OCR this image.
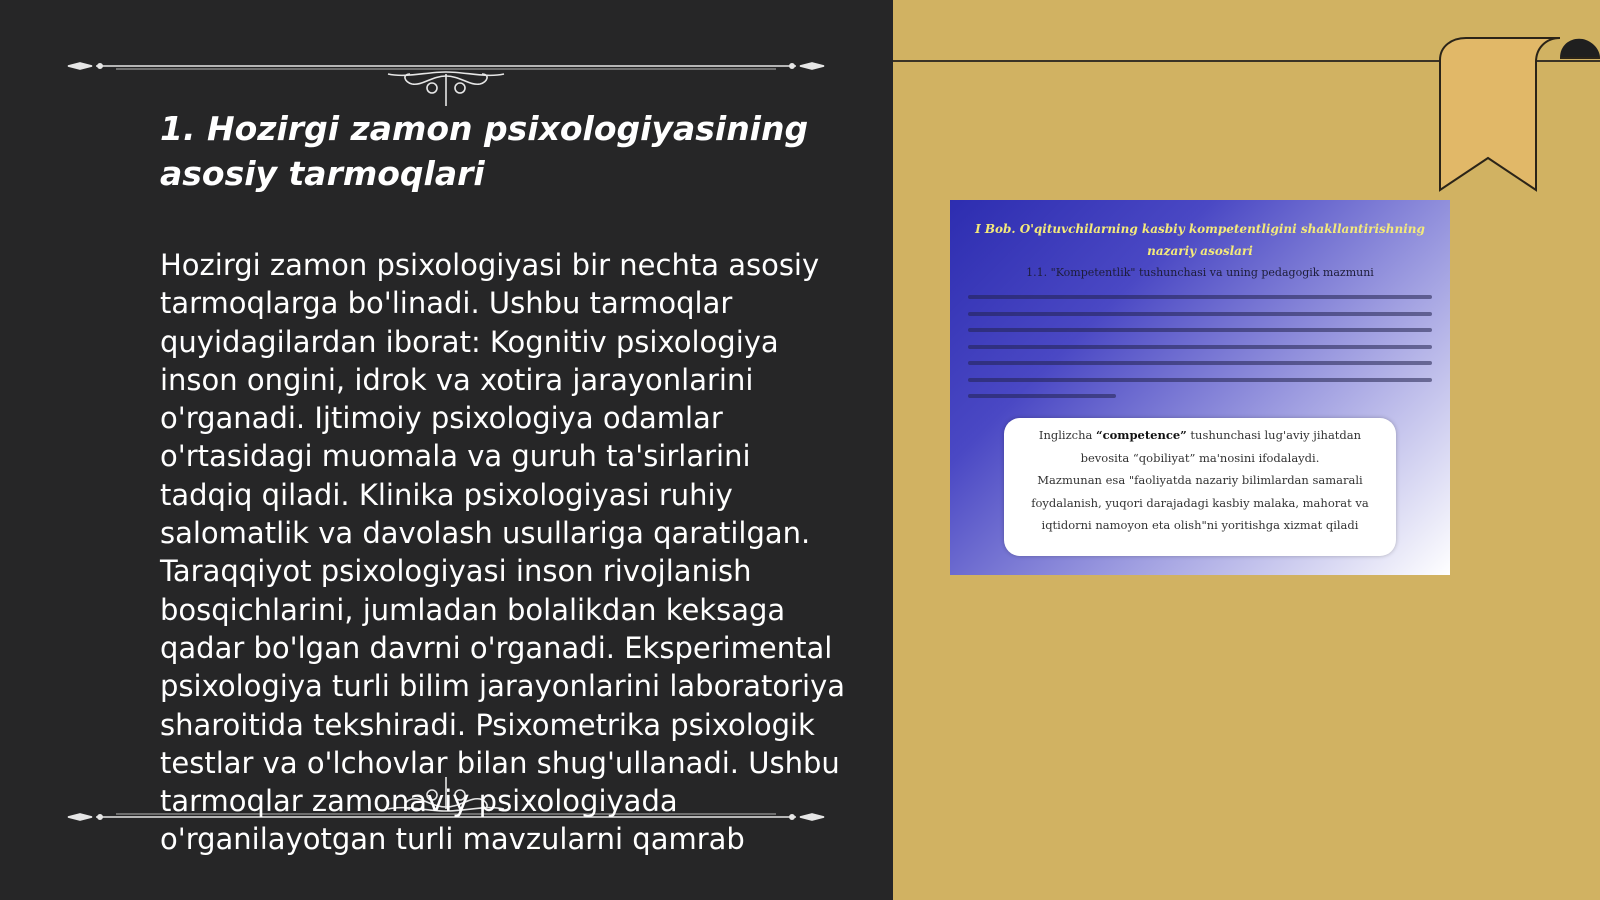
1. Hozirgi zamon psixologiyasining asosiy tarmoqlari

Hozirgi zamon psixologiyasi bir nechta asosiy tarmoqlarga bo'linadi. Ushbu tarmoqlar quyidagilardan iborat: Kognitiv psixologiya inson ongini, idrok va xotira jarayonlarini o'rganadi. Ijtimoiy psixologiya odamlar o'rtasidagi muomala va guruh ta'sirlarini tadqiq qiladi. Klinika psixologiyasi ruhiy salomatlik va davolash usullariga qaratilgan. Taraqqiyot psixologiyasi inson rivojlanish bosqichlarini, jumladan bolalikdan keksaga qadar bo'lgan davrni o'rganadi. Eksperimental psixologiya turli bilim jarayonlarini laboratoriya sharoitida tekshiradi. Psixometrika psixologik testlar va o'lchovlar bilan shug'ullanadi. Ushbu tarmoqlar zamonaviy psixologiyada o'rganilayotgan turli mavzularni qamrab

I Bob. O'qituvchilarning kasbiy kompetentligini shakllantirishning nazariy asoslari
1.1. "Kompetentlik" tushunchasi va uning pedagogik mazmuni
Inglizcha “competence” tushunchasi lug'aviy jihatdan bevosita “qobiliyat” ma'nosini ifodalaydi.
Mazmunan esa "faoliyatda nazariy bilimlardan samarali foydalanish, yuqori darajadagi kasbiy malaka, mahorat va iqtidorni namoyon eta olish"ni yoritishga xizmat qiladi
